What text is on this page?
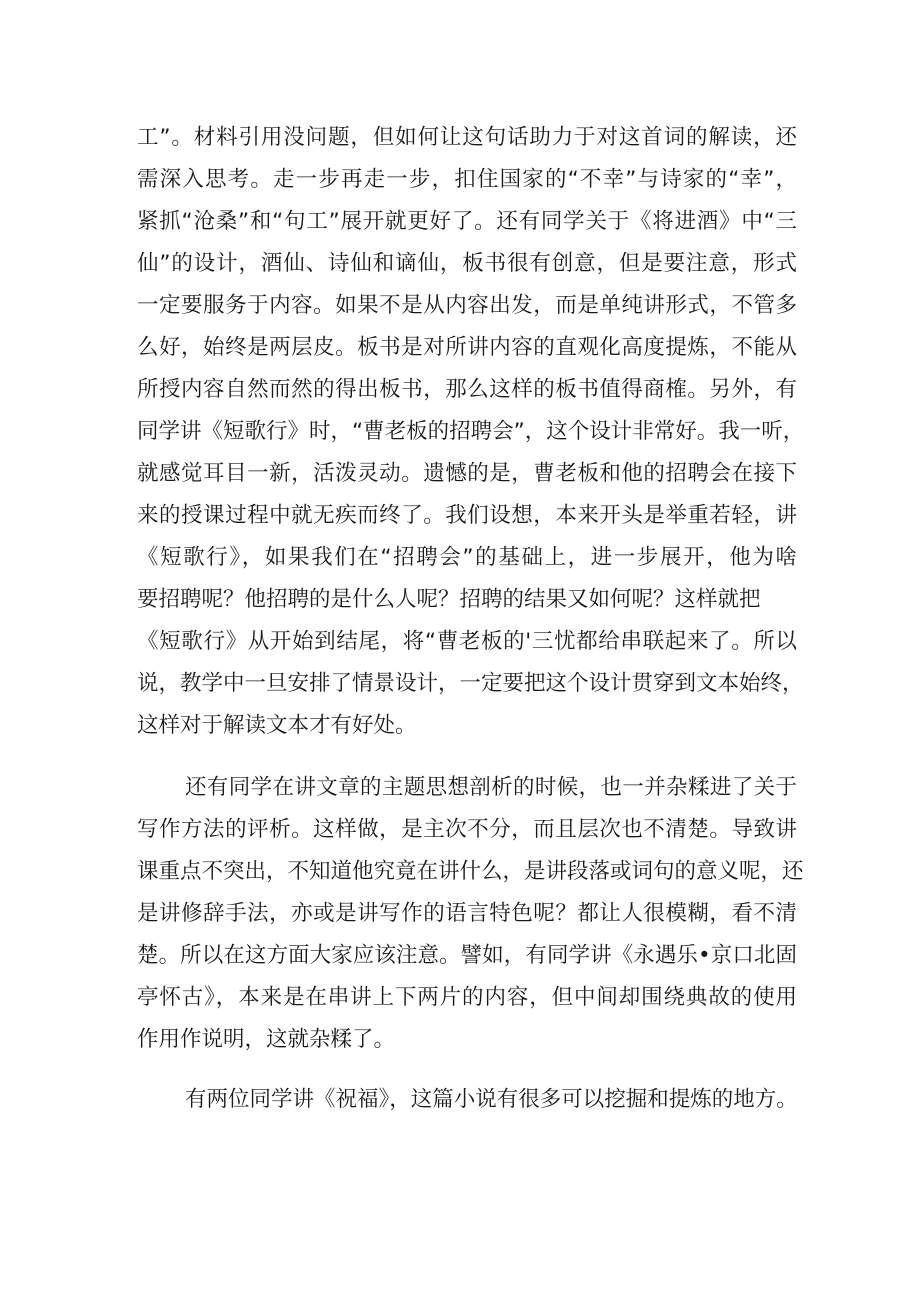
工”。材料引用没问题，但如何让这句话助力于对这首词的解读，还
需深入思考。走一步再走一步，扣住国家的“不幸”与诗家的“幸”，
紧抓“沧桑”和“句工”展开就更好了。还有同学关于《将进酒》中“三
仙”的设计，酒仙、诗仙和谪仙，板书很有创意，但是要注意，形式
一定要服务于内容。如果不是从内容出发，而是单纯讲形式，不管多
么好，始终是两层皮。板书是对所讲内容的直观化高度提炼，不能从
所授内容自然而然的得出板书，那么这样的板书值得商榷。另外，有
同学讲《短歌行》时，“曹老板的招聘会”，这个设计非常好。我一听，
就感觉耳目一新，活泼灵动。遗憾的是，曹老板和他的招聘会在接下
来的授课过程中就无疾而终了。我们设想，本来开头是举重若轻，讲
《短歌行》，如果我们在“招聘会”的基础上，进一步展开，他为啥
要招聘呢？他招聘的是什么人呢？招聘的结果又如何呢？这样就把
《短歌行》从开始到结尾，将“曹老板的'三忧都给串联起来了。所以
说，教学中一旦安排了情景设计，一定要把这个设计贯穿到文本始终，
这样对于解读文本才有好处。
还有同学在讲文章的主题思想剖析的时候，也一并杂糅进了关于
写作方法的评析。这样做，是主次不分，而且层次也不清楚。导致讲
课重点不突出，不知道他究竟在讲什么，是讲段落或词句的意义呢，还
是讲修辞手法，亦或是讲写作的语言特色呢？都让人很模糊，看不清
楚。所以在这方面大家应该注意。譬如，有同学讲《永遇乐•京口北固
亭怀古》，本来是在串讲上下两片的内容，但中间却围绕典故的使用
作用作说明，这就杂糅了。
有两位同学讲《祝福》，这篇小说有很多可以挖掘和提炼的地方。
